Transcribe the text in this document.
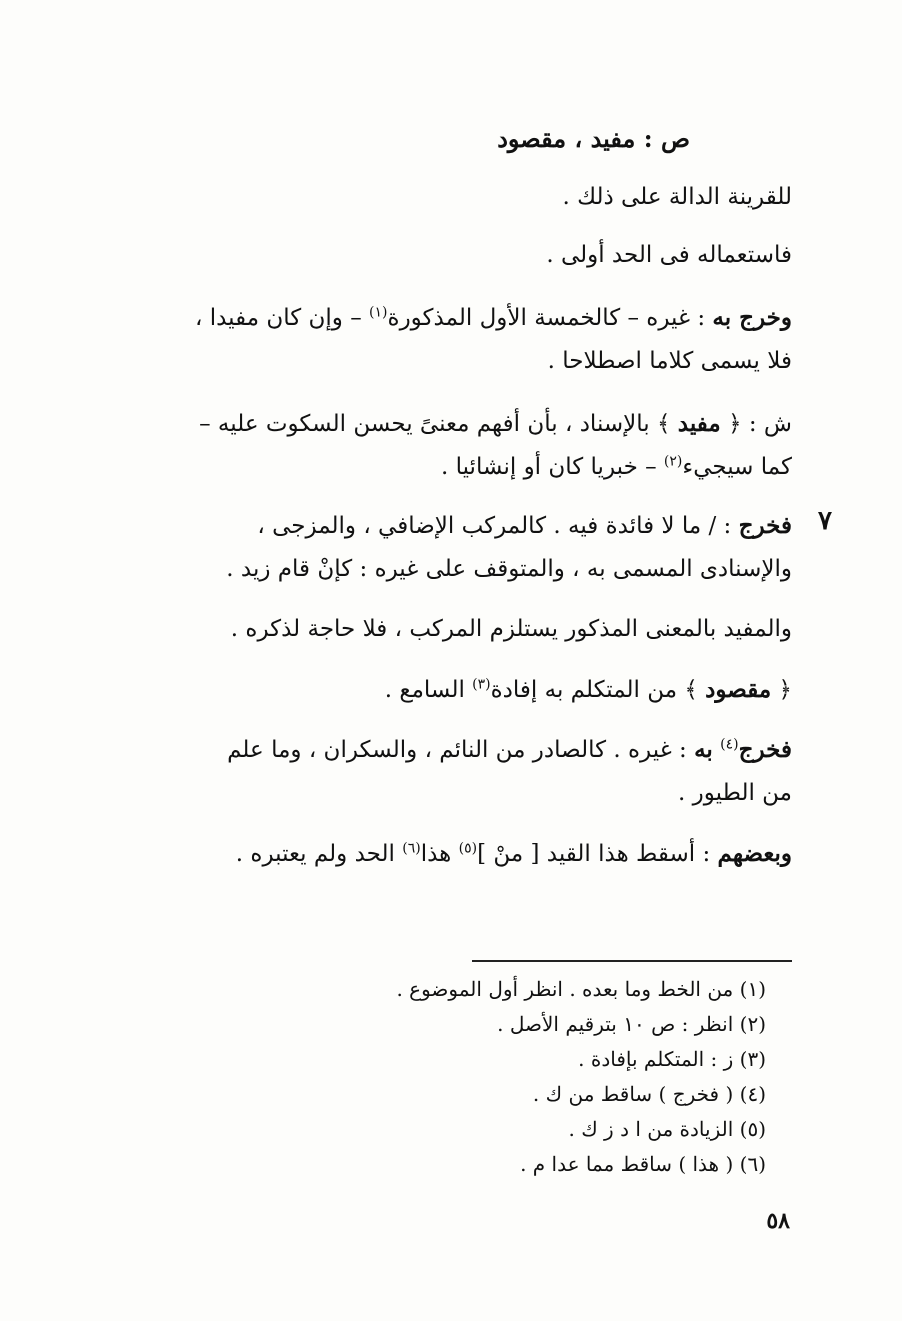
ص : مفيد ، مقصود
للقرينة الدالة على ذلك .
فاستعماله فى الحد أولى .
وخرج به : غيره – كالخمسة الأول المذكورة$^{(١)}$ – وإن كان مفيدا ،
فلا يسمى كلاما اصطلاحا .
ش : ﴿ مفيد ﴾ بالإسناد ، بأن أفهم معنىً يحسن السكوت عليه –
كما سيجيء$^{(٢)}$ – خبريا كان أو إنشائيا .
٧
فخرج : / ما لا فائدة فيه . كالمركب الإضافي ، والمزجى ،
والإسنادى المسمى به ، والمتوقف على غيره : كإنْ قام زيد .
والمفيد بالمعنى المذكور يستلزم المركب ، فلا حاجة لذكره .
﴿ مقصود ﴾ من المتكلم به إفادة$^{(٣)}$ السامع .
فخرج$^{(٤)}$ به : غيره . كالصادر من النائم ، والسكران ، وما علم
من الطيور .
وبعضهم : أسقط هذا القيد [ منْ ]$^{(٥)}$ هذا$^{(٦)}$ الحد ولم يعتبره .
(١) من الخط وما بعده . انظر أول الموضوع .
(٢) انظر : ص ١٠ بترقيم الأصل .
(٣) ز : المتكلم بإفادة .
(٤) ( فخرج ) ساقط من ك .
(٥) الزيادة من ا د ز ك .
(٦) ( هذا ) ساقط مما عدا م .
٥٨
